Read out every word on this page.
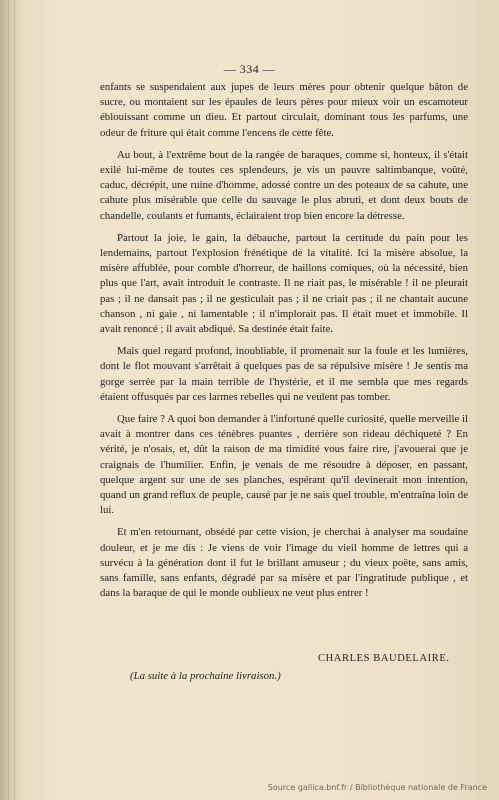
— 334 —

enfants se suspendaient aux jupes de leurs mères pour obtenir quelque bâton de sucre, ou montaient sur les épaules de leurs pères pour mieux voir un escamoteur éblouissant comme un dieu. Et partout circulait, dominant tous les parfums, une odeur de friture qui était comme l'encens de cette fête.

Au bout, à l'extrême bout de la rangée de baraques, comme si, honteux, il s'était exilé lui-même de toutes ces splendeurs, je vis un pauvre saltimbanque, voûté, caduc, décrépit, une ruine d'homme, adossé contre un des poteaux de sa cahute, une cahute plus misérable que celle du sauvage le plus abruti, et dont deux bouts de chandelle, coulants et fumants, éclairaient trop bien encore la détresse.

Partout la joie, le gain, la débauche, partout la certitude du pain pour les lendemains, partout l'explosion frénétique de la vitalité. Ici la misère absolue, la misère affublée, pour comble d'horreur, de haillons comiques, où la nécessité, bien plus que l'art, avait introduit le contraste. Il ne riait pas, le misérable ! il ne pleurait pas ; il ne dansait pas ; il ne gesticulait pas ; il ne criait pas ; il ne chantait aucune chanson , ni gaie , ni lamentable ; il n'implorait pas. Il était muet et immobile. Il avait renoncé ; il avait abdiqué. Sa destinée était faite.

Mais quel regard profond, inoubliable, il promenait sur la foule et les lumières, dont le flot mouvant s'arrêtait à quelques pas de sa répulsive misère ! Je sentis ma gorge serrée par la main terrible de l'hystérie, et il me sembla que mes regards étaient offusqués par ces larmes rebelles qui ne veulent pas tomber.

Que faire ? A quoi bon demander à l'infortuné quelle curiosité, quelle merveille il avait à montrer dans ces ténèbres puantes , derrière son rideau déchiqueté ? En vérité, je n'osais, et, dût la raison de ma timidité vous faire rire, j'avouerai que je craignais de l'humilier. Enfin, je venais de me résoudre à déposer, en passant, quelque argent sur une de ses planches, espérant qu'il devinerait mon intention, quand un grand reflux de peuple, causé par je ne sais quel trouble, m'entraîna loin de lui.

Et m'en retournant, obsédé par cette vision, je cherchai à analyser ma soudaine douleur, et je me dis : Je viens de voir l'image du vieil homme de lettres qui a survécu à la génération dont il fut le brillant amuseur ; du vieux poëte, sans amis, sans famille, sans enfants, dégradé par sa misère et par l'ingratitude publique , et dans la baraque de qui le monde oublieux ne veut plus entrer !

CHARLES BAUDELAIRE.
(La suite à la prochaine livraison.)
Source gallica.bnf.fr / Bibliothèque nationale de France
